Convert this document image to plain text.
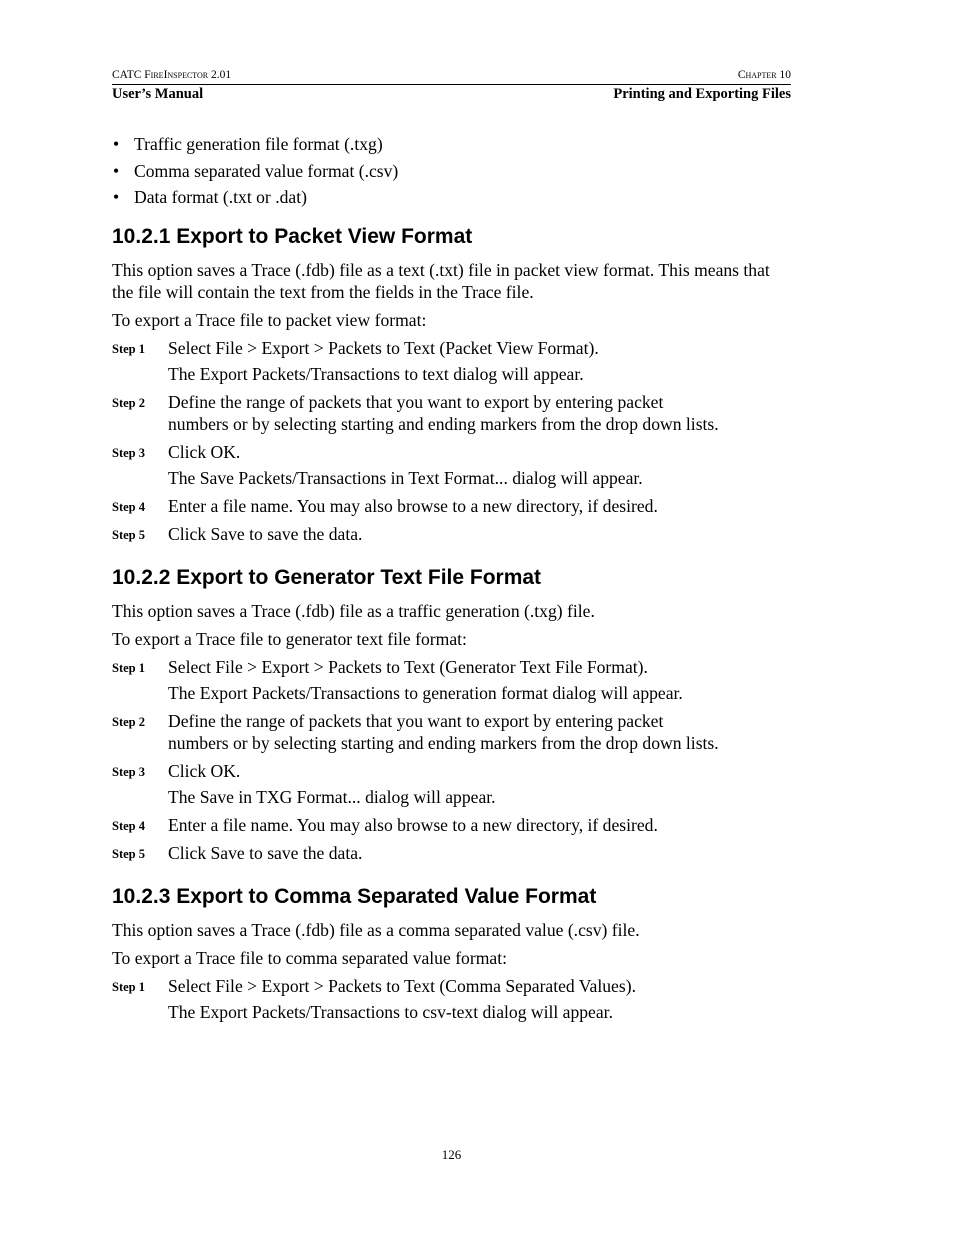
CATC FireInspector 2.01	Chapter 10
User’s Manual	Printing and Exporting Files
• Traffic generation file format (.txg)
• Comma separated value format (.csv)
• Data format (.txt or .dat)
10.2.1 Export to Packet View Format

This option saves a Trace (.fdb) file as a text (.txt) file in packet view format. This means that the file will contain the text from the fields in the Trace file.

To export a Trace file to packet view format:

Step 1 Select File > Export > Packets to Text (Packet View Format).
The Export Packets/Transactions to text dialog will appear.
Step 2 Define the range of packets that you want to export by entering packet numbers or by selecting starting and ending markers from the drop down lists.
Step 3 Click OK.
The Save Packets/Transactions in Text Format... dialog will appear.
Step 4 Enter a file name. You may also browse to a new directory, if desired.
Step 5 Click Save to save the data.
10.2.2 Export to Generator Text File Format

This option saves a Trace (.fdb) file as a traffic generation (.txg) file.

To export a Trace file to generator text file format:

Step 1 Select File > Export > Packets to Text (Generator Text File Format).
The Export Packets/Transactions to generation format dialog will appear.
Step 2 Define the range of packets that you want to export by entering packet numbers or by selecting starting and ending markers from the drop down lists.
Step 3 Click OK.
The Save in TXG Format... dialog will appear.
Step 4 Enter a file name. You may also browse to a new directory, if desired.
Step 5 Click Save to save the data.
10.2.3 Export to Comma Separated Value Format

This option saves a Trace (.fdb) file as a comma separated value (.csv) file.

To export a Trace file to comma separated value format:

Step 1 Select File > Export > Packets to Text (Comma Separated Values).
The Export Packets/Transactions to csv-text dialog will appear.
126
